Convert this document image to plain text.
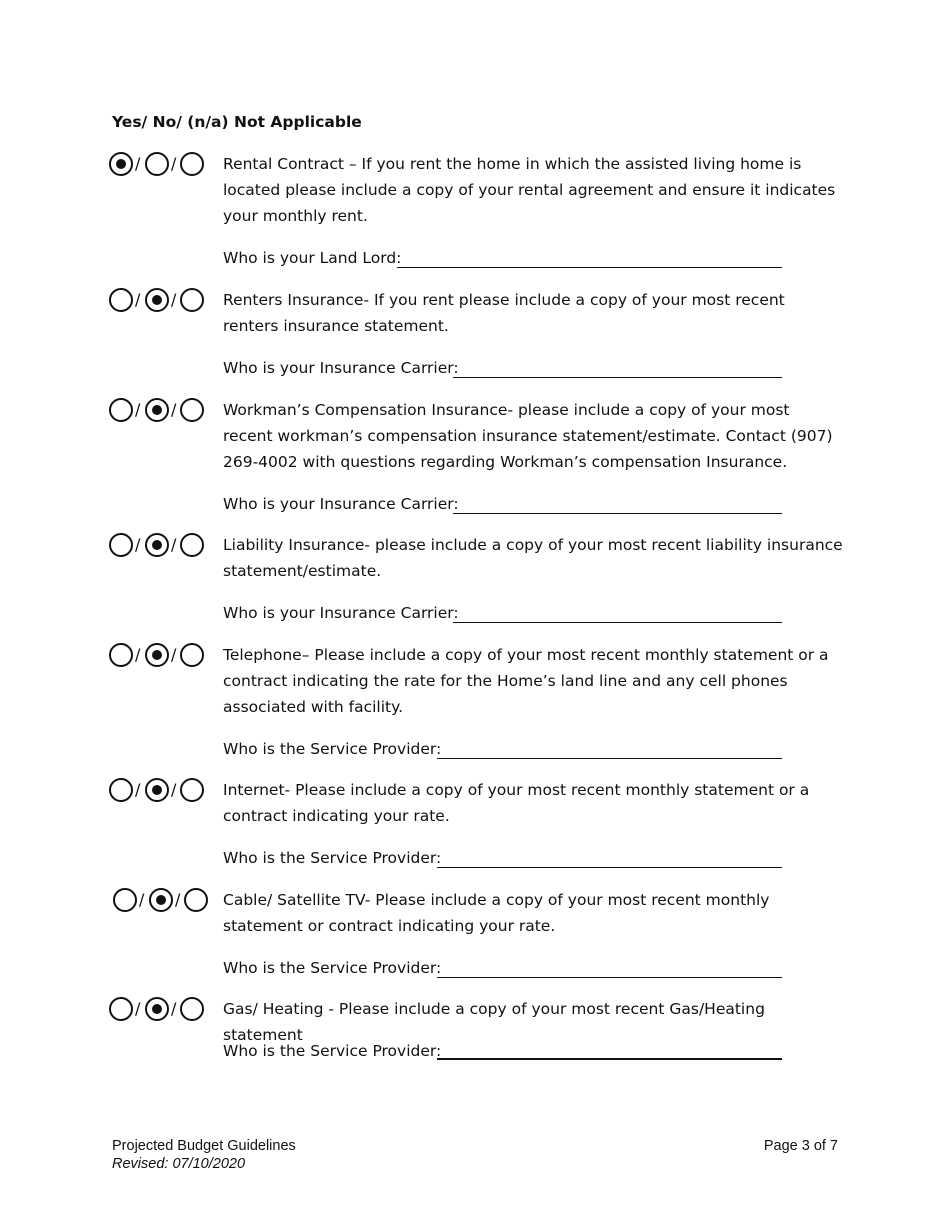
Yes/ No/ (n/a) Not Applicable
/ /	Rental Contract – If you rent the home in which the assisted living home is located please include a copy of your rental agreement and ensure it indicates your monthly rent.
Who is your Land Lord:
/ /	Renters Insurance- If you rent please include a copy of your most recent renters insurance statement.
Who is your Insurance Carrier:
/ /	Workman’s Compensation Insurance- please include a copy of your most recent workman’s compensation insurance statement/estimate. Contact (907) 269-4002 with questions regarding Workman’s compensation Insurance.
Who is your Insurance Carrier:
/ /	Liability Insurance- please include a copy of your most recent liability insurance statement/estimate.
Who is your Insurance Carrier:
/ /	Telephone– Please include a copy of your most recent monthly statement or a contract indicating the rate for the Home’s land line and any cell phones associated with facility.
Who is the Service Provider:
/ /	Internet- Please include a copy of your most recent monthly statement or a contract indicating your rate.
Who is the Service Provider:
/ /	Cable/ Satellite TV- Please include a copy of your most recent monthly statement or contract indicating your rate.
Who is the Service Provider:
/ /	Gas/ Heating - Please include a copy of your most recent Gas/Heating statement
Who is the Service Provider:
Projected Budget Guidelines
Revised: 07/10/2020
Page 3 of 7
